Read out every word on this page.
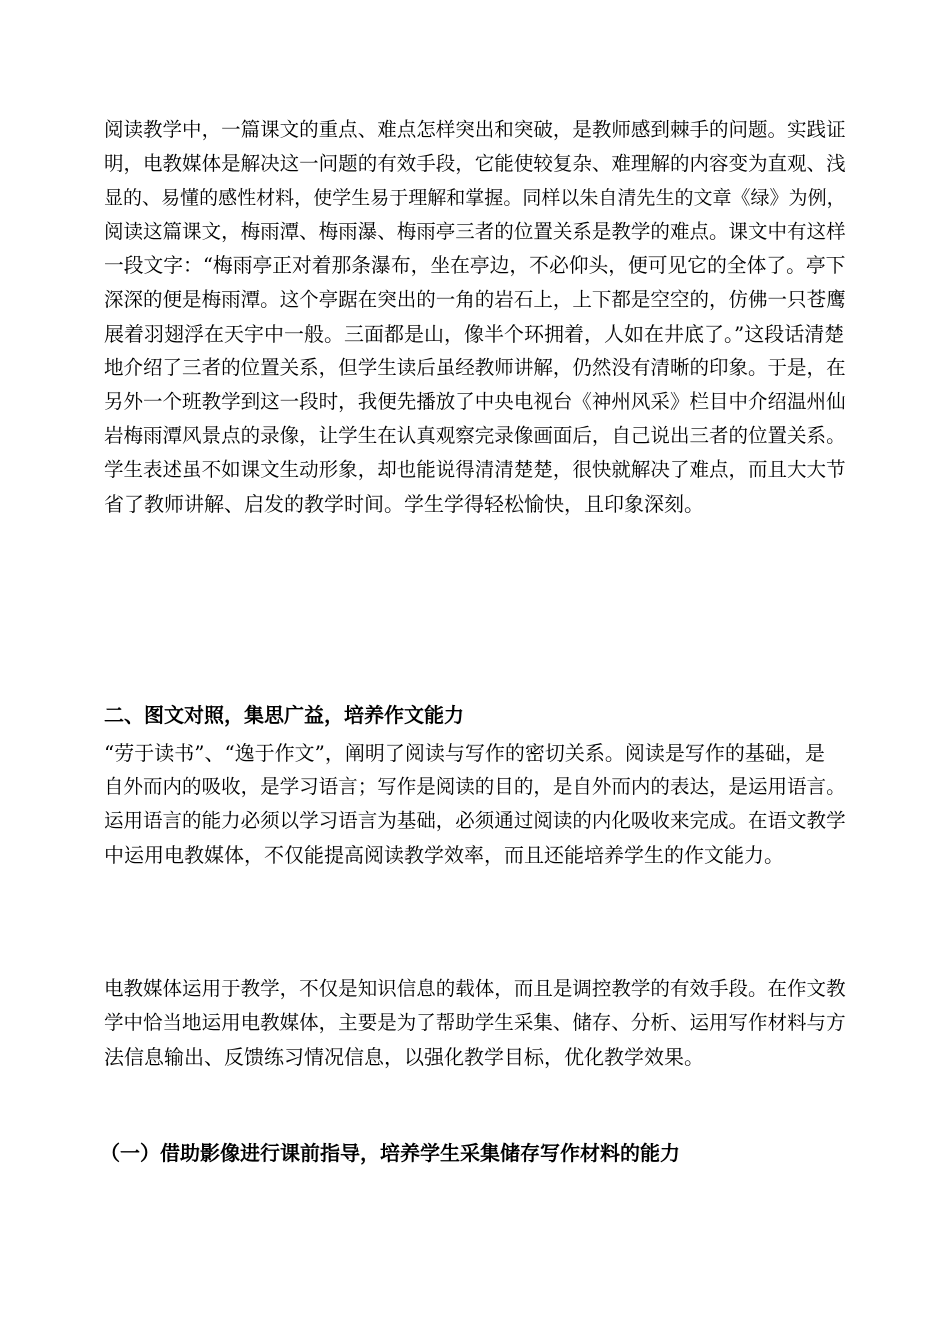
阅读教学中，一篇课文的重点、难点怎样突出和突破，是教师感到棘手的问题。实践证
明，电教媒体是解决这一问题的有效手段，它能使较复杂、难理解的内容变为直观、浅
显的、易懂的感性材料，使学生易于理解和掌握。同样以朱自清先生的文章《绿》为例，
阅读这篇课文，梅雨潭、梅雨瀑、梅雨亭三者的位置关系是教学的难点。课文中有这样
一段文字：“梅雨亭正对着那条瀑布，坐在亭边，不必仰头，便可见它的全体了。亭下
深深的便是梅雨潭。这个亭踞在突出的一角的岩石上，上下都是空空的，仿佛一只苍鹰
展着羽翅浮在天宇中一般。三面都是山，像半个环拥着，人如在井底了。”这段话清楚
地介绍了三者的位置关系，但学生读后虽经教师讲解，仍然没有清晰的印象。于是，在
另外一个班教学到这一段时，我便先播放了中央电视台《神州风采》栏目中介绍温州仙
岩梅雨潭风景点的录像，让学生在认真观察完录像画面后，自己说出三者的位置关系。
学生表述虽不如课文生动形象，却也能说得清清楚楚，很快就解决了难点，而且大大节
省了教师讲解、启发的教学时间。学生学得轻松愉快，且印象深刻。
二、图文对照，集思广益，培养作文能力
“劳于读书”、“逸于作文”，阐明了阅读与写作的密切关系。阅读是写作的基础，是
自外而内的吸收，是学习语言；写作是阅读的目的，是自外而内的表达，是运用语言。
运用语言的能力必须以学习语言为基础，必须通过阅读的内化吸收来完成。在语文教学
中运用电教媒体，不仅能提高阅读教学效率，而且还能培养学生的作文能力。
电教媒体运用于教学，不仅是知识信息的载体，而且是调控教学的有效手段。在作文教
学中恰当地运用电教媒体，主要是为了帮助学生采集、储存、分析、运用写作材料与方
法信息输出、反馈练习情况信息，以强化教学目标，优化教学效果。
（一）借助影像进行课前指导，培养学生采集储存写作材料的能力
